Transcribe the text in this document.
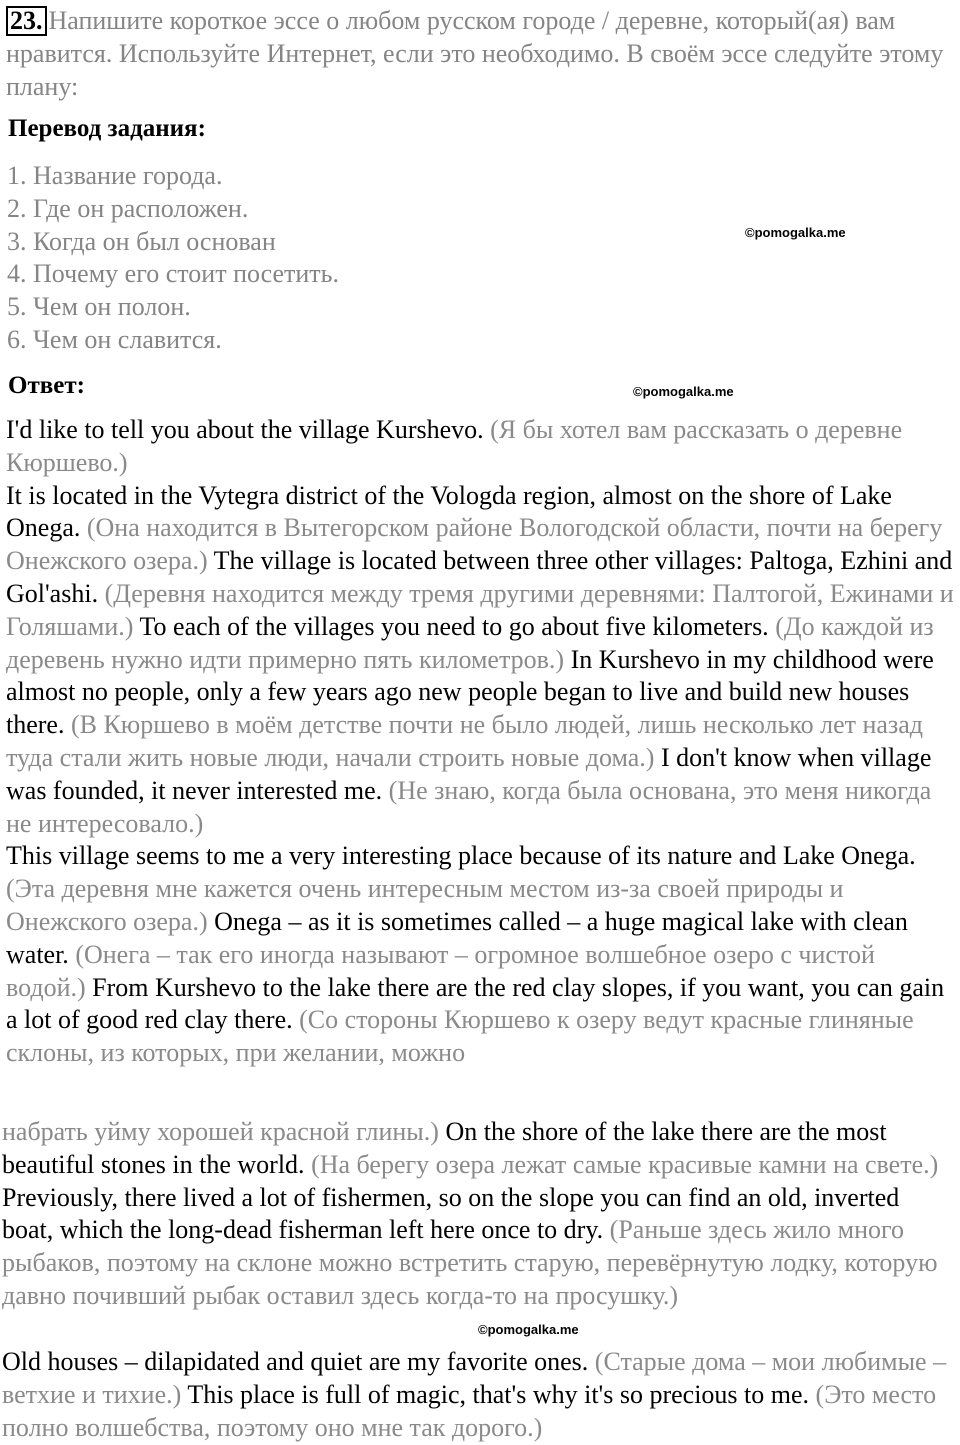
23. Напишите короткое эссе о любом русском городе / деревне, который(ая) вам нравится. Используйте Интернет, если это необходимо. В своём эссе следуйте этому плану:
Перевод задания:
1. Название города.
2. Где он расположен.
3. Когда он был основан
4. Почему его стоит посетить.
5. Чем он полон.
6. Чем он славится.
©pomogalka.me
Ответ:	©pomogalka.me

I'd like to tell you about the village Kurshevo. (Я бы хотел вам рассказать о деревне Кюршево.)

It is located in the Vytegra district of the Vologda region, almost on the shore of Lake Onega. (Она находится в Вытегорском районе Вологодской области, почти на берегу Онежского озера.) The village is located between three other villages: Paltoga, Ezhini and Gol'ashi. (Деревня находится между тремя другими деревнями: Палтогой, Ежинами и Голяшами.) To each of the villages you need to go about five kilometers. (До каждой из деревень нужно идти примерно пять километров.) In Kurshevo in my childhood were almost no people, only a few years ago new people began to live and build new houses there. (В Кюршево в моём детстве почти не было людей, лишь несколько лет назад туда стали жить новые люди, начали строить новые дома.) I don't know when village was founded, it never interested me. (Не знаю, когда была основана, это меня никогда не интересовало.)

This village seems to me a very interesting place because of its nature and Lake Onega. (Эта деревня мне кажется очень интересным местом из-за своей природы и Онежского озера.) Onega – as it is sometimes called – a huge magical lake with clean water. (Онега – так его иногда называют – огромное волшебное озеро с чистой водой.) From Kurshevo to the lake there are the red clay slopes, if you want, you can gain a lot of good red clay there. (Со стороны Кюршево к озеру ведут красные глиняные склоны, из которых, при желании, можно

набрать уйму хорошей красной глины.) On the shore of the lake there are the most beautiful stones in the world. (На берегу озера лежат самые красивые камни на свете.) Previously, there lived a lot of fishermen, so on the slope you can find an old, inverted boat, which the long-dead fisherman left here once to dry. (Раньше здесь жило много рыбаков, поэтому на склоне можно встретить старую, перевёрнутую лодку, которую давно почивший рыбак оставил здесь когда-то на просушку.)

©pomogalka.me

Old houses – dilapidated and quiet are my favorite ones. (Старые дома – мои любимые – ветхие и тихие.) This place is full of magic, that's why it's so precious to me. (Это место полно волшебства, поэтому оно мне так дорого.)
